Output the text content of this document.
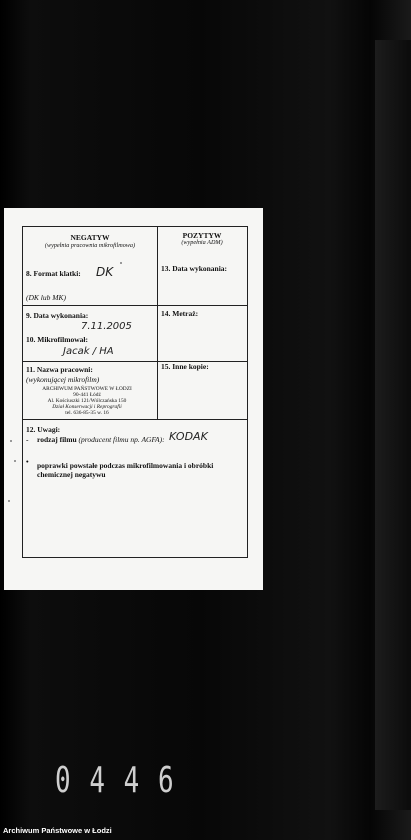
NEGATYW
(wypełnia pracownia mikrofilmowa)
POZYTYW
(wypełnia ADM)
8. Format klatki: DK
(DK lub MK)
13. Data wykonania:
9. Data wykonania:
7.11.2005
10. Mikrofilmował:
Jacak / HA
14. Metraż:
11. Nazwa pracowni:
(wykonującej mikrofilm)
ARCHIWUM PAŃSTWOWE W ŁODZI
90-441 Łódź
Al. Kościuszki 121/Wólczańska 150
Dział Konserwacji i Reprografii
tel. 636-85-35 w. 16
15. Inne kopie:
12. Uwagi:
- rodzaj filmu (producent filmu np. AGFA): KODAK
• poprawki powstałe podczas mikrofilmowania i obróbki
chemicznej negatywu
0446
Archiwum Państwowe w Łodzi
